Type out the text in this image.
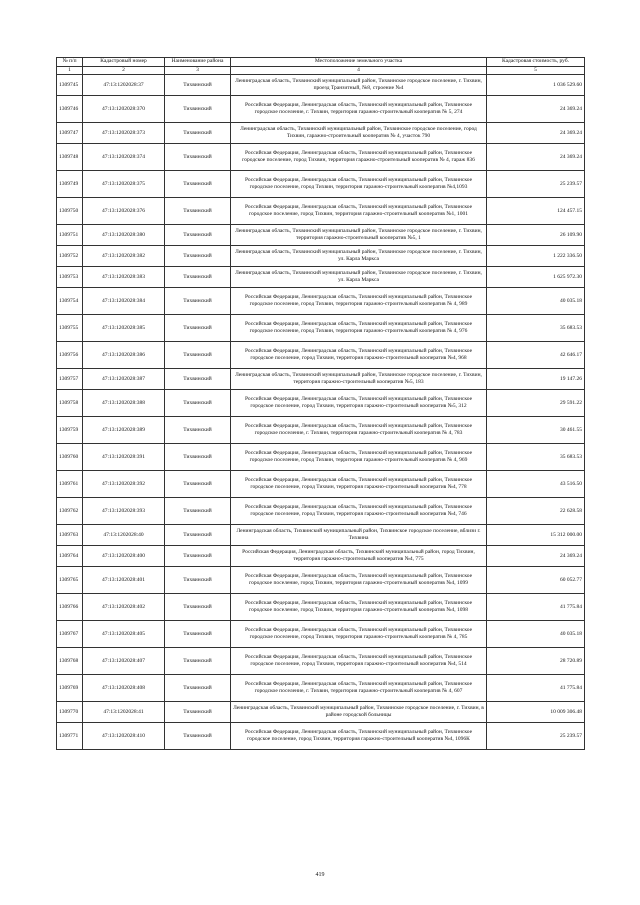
№ п/п	Кадастровый номер	Наименование района	Местоположение земельного участка	Кадастровая стоимость, руб.
1	2	3	4	5
1309745	47:13:1202028:37	Тихвинский	Ленинградская область, Тихвинский муниципальный район, Тихвинское городское поселение, г. Тихвин, проезд Транзитный, №8, строение №4	1 036 529.60
1309746	47:13:1202028:370	Тихвинский	Российская Федерация, Ленинградская область, Тихвинский муниципальный район, Тихвинское городское поселение, г. Тихвин, территория гаражно-строительный кооператив № 5, 274	24 369.24
1309747	47:13:1202028:373	Тихвинский	Ленинградская область, Тихвинский муниципальный район, Тихвинское городское поселение, город Тихвин, гаражно-строительный кооператив № 4, участок 790	24 369.24
1309748	47:13:1202028:374	Тихвинский	Российская Федерация, Ленинградская область, Тихвинский муниципальный район, Тихвинское городское поселение, город Тихвин, территория гаражно-строительный кооператив № 4, гараж 836	24 369.24
1309749	47:13:1202028:375	Тихвинский	Российская Федерация, Ленинградская область, Тихвинский муниципальный район, Тихвинское городское поселение, город Тихвин, территория гаражно-строительный кооператив №4,1093	25 239.57
1309750	47:13:1202028:376	Тихвинский	Российская Федерация, Ленинградская область, Тихвинский муниципальный район, Тихвинское городское поселение, город Тихвин, территория гаражно-строительный кооператив №1, 1001	124 457.15
1309751	47:13:1202028:380	Тихвинский	Ленинградская область, Тихвинский муниципальный район, Тихвинское городское поселение, г. Тихвин, территория гаражно-строительный кооператив №5, 1	26 109.90
1309752	47:13:1202028:382	Тихвинский	Ленинградская область, Тихвинский муниципальный район, Тихвинское городское поселение, г. Тихвин, ул. Карла Маркса	1 222 336.50
1309753	47:13:1202028:383	Тихвинский	Ленинградская область, Тихвинский муниципальный район, Тихвинское городское поселение, г. Тихвин, ул. Карла Маркса	1 625 972.30
1309754	47:13:1202028:384	Тихвинский	Российская Федерация, Ленинградская область, Тихвинский муниципальный район, Тихвинское городское поселение, город Тихвин, территория гаражно-строительный кооператив № 4, 989	40 035.18
1309755	47:13:1202028:385	Тихвинский	Российская Федерация, Ленинградская область, Тихвинский муниципальный район, Тихвинское городское поселение, город Тихвин, территория гаражно-строительный кооператив № 4, 976	35 683.53
1309756	47:13:1202028:386	Тихвинский	Российская Федерация, Ленинградская область, Тихвинский муниципальный район, Тихвинское городское поселение, город Тихвин, территория гаражно-строительный кооператив №4, 968	42 646.17
1309757	47:13:1202028:387	Тихвинский	Ленинградская область, Тихвинский муниципальный район, Тихвинское городское поселение, г. Тихвин, территория гаражно-строительный кооператив №5, 183	19 147.26
1309758	47:13:1202028:388	Тихвинский	Российская Федерация, Ленинградская область, Тихвинский муниципальный район, Тихвинское городское поселение, город Тихвин, территория гаражно-строительный кооператив №5, 312	29 591.22
1309759	47:13:1202028:389	Тихвинский	Российская Федерация, Ленинградская область, Тихвинский муниципальный район, Тихвинское городское поселение, г. Тихвин, территория гаражно-строительный кооператив № 4, 783	30 461.55
1309760	47:13:1202028:391	Тихвинский	Российская Федерация, Ленинградская область, Тихвинский муниципальный район, Тихвинское городское поселение, город Тихвин, территория гаражно-строительный кооператив № 4, 969	35 683.53
1309761	47:13:1202028:392	Тихвинский	Российская Федерация, Ленинградская область, Тихвинский муниципальный район, Тихвинское городское поселение, город Тихвин, территория гаражно-строительный кооператив №4, 778	43 516.50
1309762	47:13:1202028:393	Тихвинский	Российская Федерация, Ленинградская область, Тихвинский муниципальный район, Тихвинское городское поселение, город Тихвин, территория гаражно-строительный кооператив №4, 746	22 628.58
1309763	47:13:1202028:40	Тихвинский	Ленинградская область, Тихвинский муниципальный район, Тихвинское городское поселение, вблизи г. Тихвина	15 312 000.00
1309764	47:13:1202028:400	Тихвинский	Российская Федерация, Ленинградская область, Тихвинский муниципальный район, город Тихвин, территория гаражно-строительный кооператив №4, 775	24 369.24
1309765	47:13:1202028:401	Тихвинский	Российская Федерация, Ленинградская область, Тихвинский муниципальный район, Тихвинское городское поселение, город Тихвин, территория гаражно-строительный кооператив №4, 1099	60 052.77
1309766	47:13:1202028:402	Тихвинский	Российская Федерация, Ленинградская область, Тихвинский муниципальный район, Тихвинское городское поселение, город Тихвин, территория гаражно-строительный кооператив №4, 1098	41 775.84
1309767	47:13:1202028:405	Тихвинский	Российская Федерация, Ленинградская область, Тихвинский муниципальный район, Тихвинское городское поселение, город Тихвин, территория гаражно-строительный кооператив № 4, 785	40 035.18
1309768	47:13:1202028:407	Тихвинский	Российская Федерация, Ленинградская область, Тихвинский муниципальный район, Тихвинское городское поселение, город Тихвин, территория гаражно-строительный кооператив №4, 514	28 720.89
1309769	47:13:1202028:408	Тихвинский	Российская Федерация, Ленинградская область, Тихвинский муниципальный район, Тихвинское городское поселение, г. Тихвин, территория гаражно-строительный кооператив № 4, 607	41 775.84
1309770	47:13:1202028:41	Тихвинский	Ленинградская область, Тихвинский муниципальный район, Тихвинское городское поселение, г. Тихвин, в районе городской больницы	10 009 306.48
1309771	47:13:1202028:410	Тихвинский	Российская Федерация, Ленинградская область, Тихвинский муниципальный район, Тихвинское городское поселение, город Тихвин, территория гаражно-строительный кооператив №4, 1096К	25 239.57
419
